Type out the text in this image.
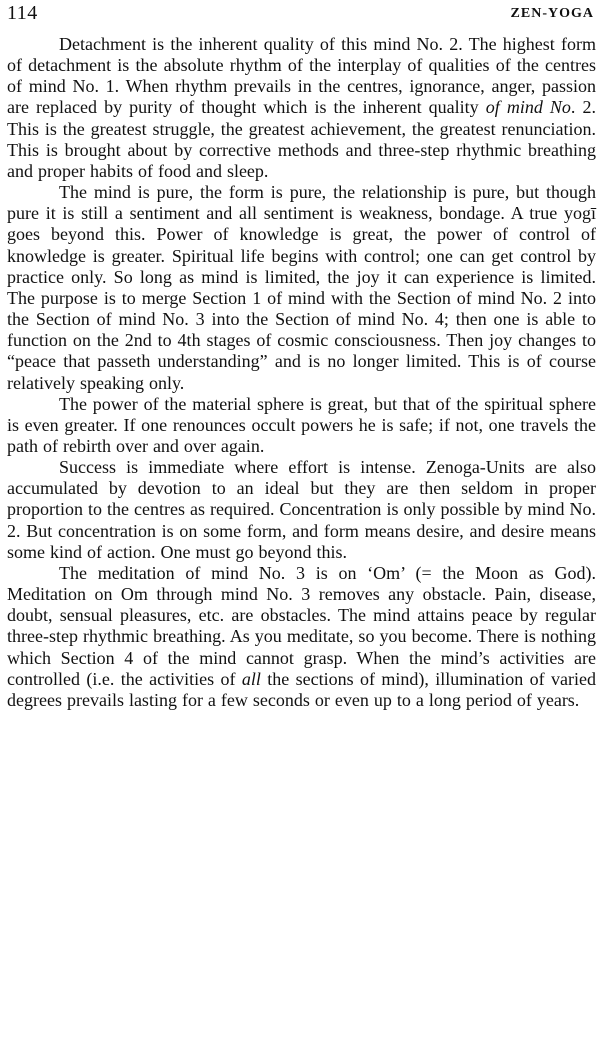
114	ZEN-YOGA

Detachment is the inherent quality of this mind No. 2. The highest form of detachment is the absolute rhythm of the interplay of qualities of the centres of mind No. 1. When rhythm prevails in the centres, ignorance, anger, passion are replaced by purity of thought which is the inherent quality of mind No. 2. This is the greatest struggle, the greatest achievement, the greatest renunciation. This is brought about by corrective methods and three-step rhythmic breathing and proper habits of food and sleep.

The mind is pure, the form is pure, the relationship is pure, but though pure it is still a sentiment and all sentiment is weakness, bondage. A true yogī goes beyond this. Power of knowledge is great, the power of control of knowledge is greater. Spiritual life begins with control; one can get control by practice only. So long as mind is limited, the joy it can experience is limited. The purpose is to merge Section 1 of mind with the Section of mind No. 2 into the Section of mind No. 3 into the Section of mind No. 4; then one is able to function on the 2nd to 4th stages of cosmic consciousness. Then joy changes to “peace that passeth understanding” and is no longer limited. This is of course relatively speaking only.

The power of the material sphere is great, but that of the spiritual sphere is even greater. If one renounces occult powers he is safe; if not, one travels the path of rebirth over and over again.

Success is immediate where effort is intense. Zenoga-Units are also accumulated by devotion to an ideal but they are then seldom in proper proportion to the centres as required. Concentration is only possible by mind No. 2. But concentration is on some form, and form means desire, and desire means some kind of action. One must go beyond this.

The meditation of mind No. 3 is on ‘Om’ (= the Moon as God). Meditation on Om through mind No. 3 removes any obstacle. Pain, disease, doubt, sensual pleasures, etc. are obstacles. The mind attains peace by regular three-step rhythmic breathing. As you meditate, so you become. There is nothing which Section 4 of the mind cannot grasp. When the mind’s activities are controlled (i.e. the activities of all the sections of mind), illumination of varied degrees prevails lasting for a few seconds or even up to a long period of years.
